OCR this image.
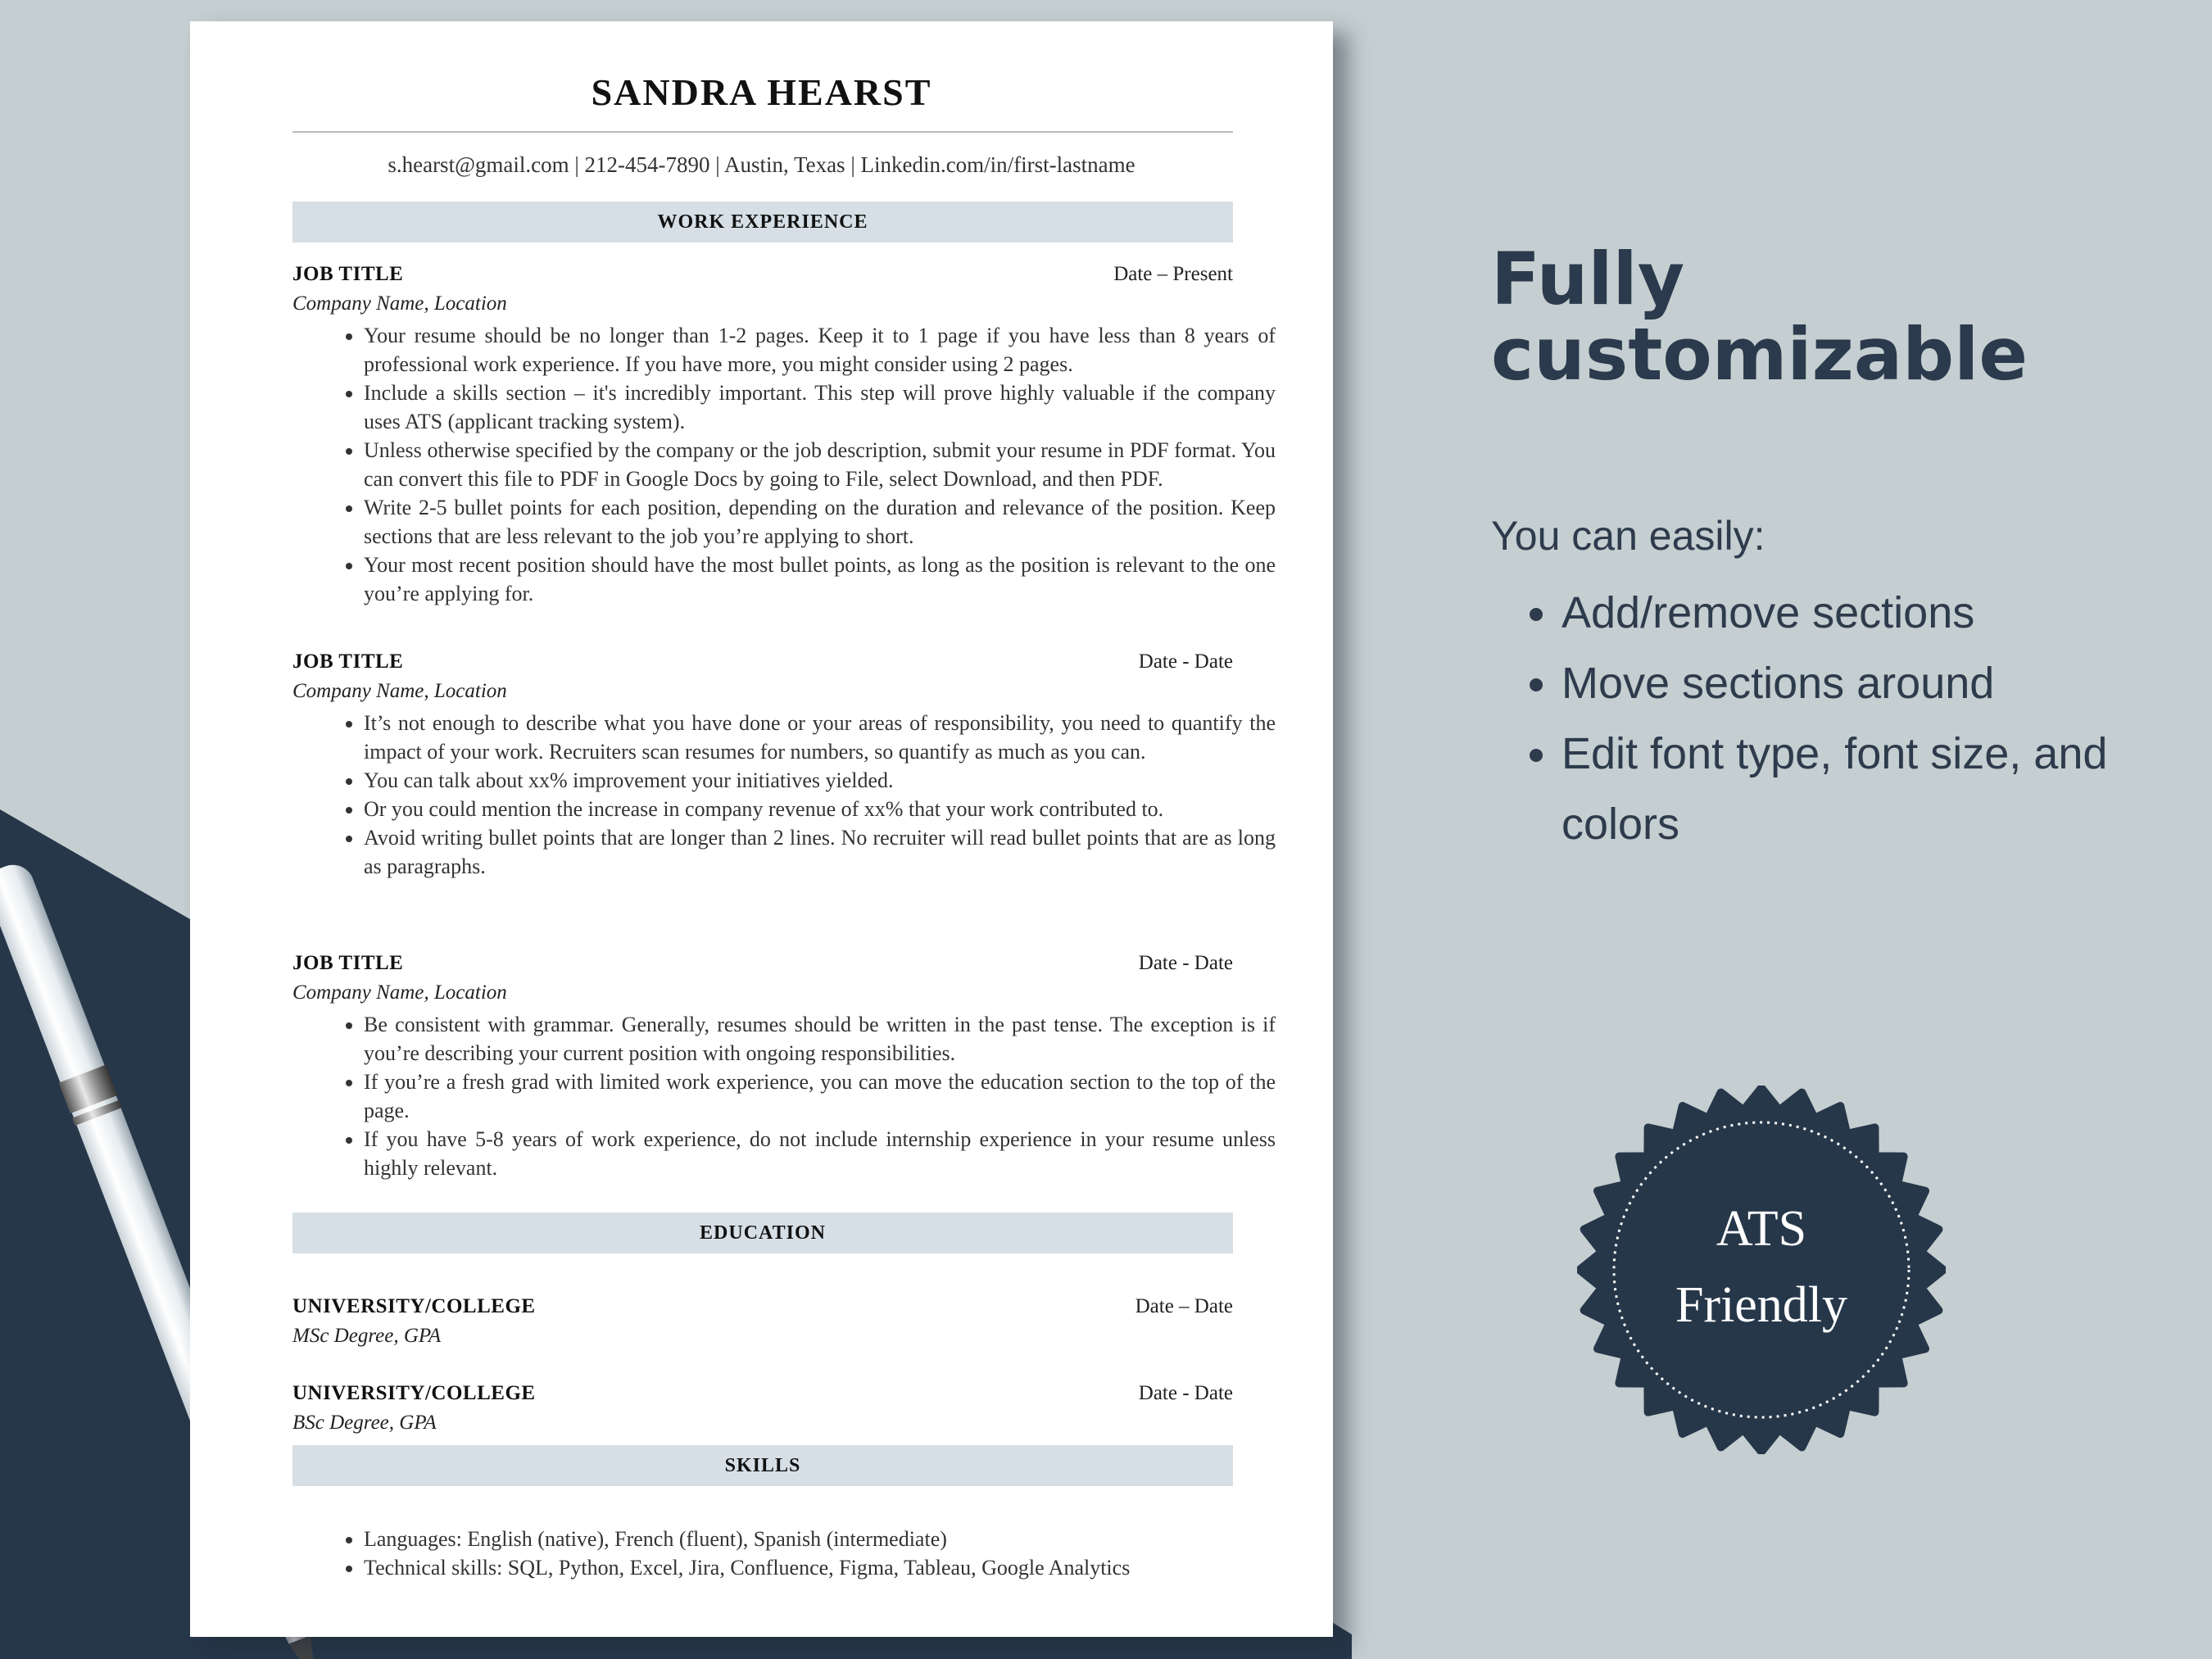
SANDRA HEARST
s.hearst@gmail.com | 212-454-7890 | Austin, Texas | Linkedin.com/in/first-lastname
WORK EXPERIENCE
JOB TITLE	Date – Present
Company Name, Location
• Your resume should be no longer than 1-2 pages. Keep it to 1 page if you have less than 8 years of professional work experience. If you have more, you might consider using 2 pages.
• Include a skills section – it's incredibly important. This step will prove highly valuable if the company uses ATS (applicant tracking system).
• Unless otherwise specified by the company or the job description, submit your resume in PDF format. You can convert this file to PDF in Google Docs by going to File, select Download, and then PDF.
• Write 2-5 bullet points for each position, depending on the duration and relevance of the position. Keep sections that are less relevant to the job you’re applying to short.
• Your most recent position should have the most bullet points, as long as the position is relevant to the one you’re applying for.
JOB TITLE	Date - Date
Company Name, Location
• It’s not enough to describe what you have done or your areas of responsibility, you need to quantify the impact of your work. Recruiters scan resumes for numbers, so quantify as much as you can.
• You can talk about xx% improvement your initiatives yielded.
• Or you could mention the increase in company revenue of xx% that your work contributed to.
• Avoid writing bullet points that are longer than 2 lines. No recruiter will read bullet points that are as long as paragraphs.
JOB TITLE	Date - Date
Company Name, Location
• Be consistent with grammar. Generally, resumes should be written in the past tense. The exception is if you’re describing your current position with ongoing responsibilities.
• If you’re a fresh grad with limited work experience, you can move the education section to the top of the page.
• If you have 5-8 years of work experience, do not include internship experience in your resume unless highly relevant.
EDUCATION
UNIVERSITY/COLLEGE	Date – Date
MSc Degree, GPA
UNIVERSITY/COLLEGE	Date - Date
BSc Degree, GPA
SKILLS
• Languages: English (native), French (fluent), Spanish (intermediate)
• Technical skills: SQL, Python, Excel, Jira, Confluence, Figma, Tableau, Google Analytics
Fully
customizable
You can easily:
• Add/remove sections
• Move sections around
• Edit font type, font size, and colors
ATS
Friendly
